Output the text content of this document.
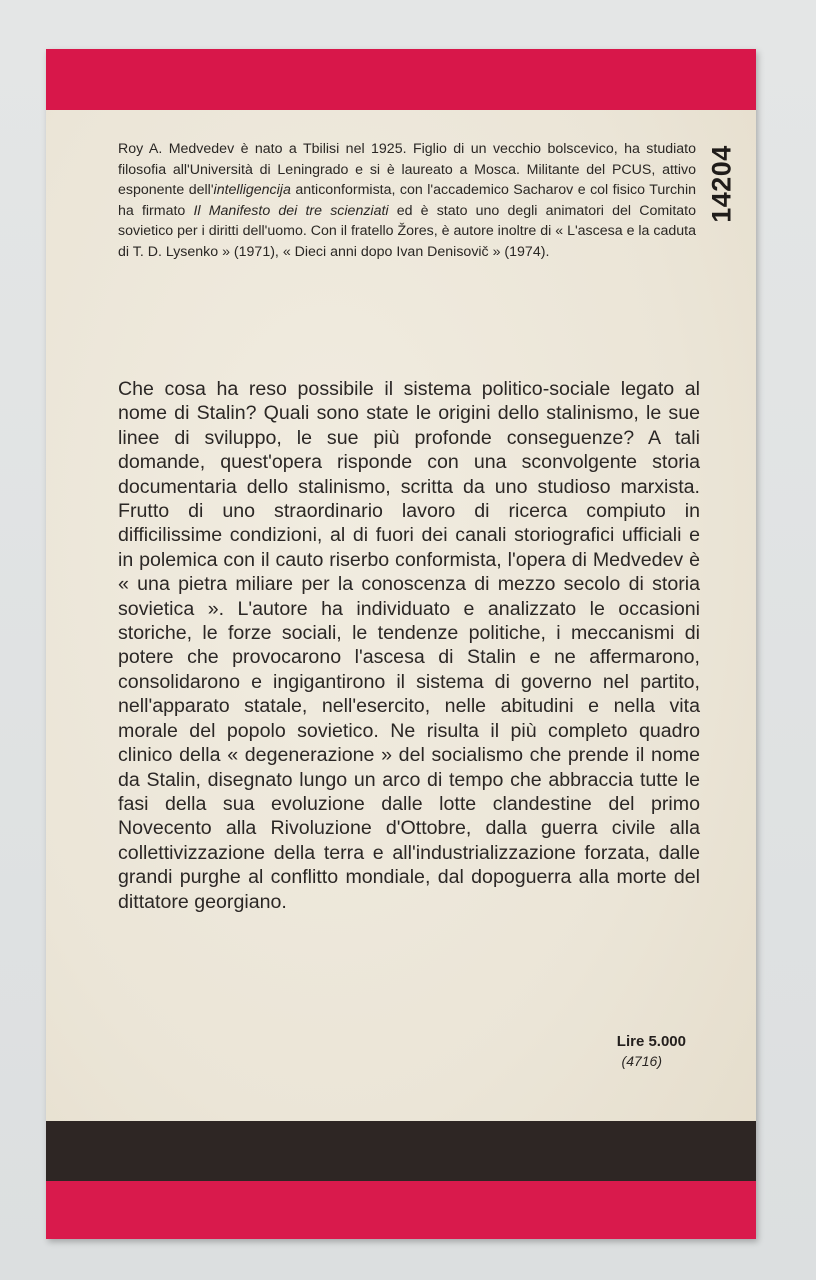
Roy A. Medvedev è nato a Tbilisi nel 1925. Figlio di un vecchio bolscevico, ha studiato filosofia all'Università di Leningrado e si è laureato a Mosca. Militante del PCUS, attivo esponente dell'intelligencija anticonformista, con l'accademico Sacharov e col fisico Turchin ha firmato Il Manifesto dei tre scienziati ed è stato uno degli animatori del Comitato sovietico per i diritti dell'uomo. Con il fratello Žores, è autore inoltre di « L'ascesa e la caduta di T. D. Lysenko » (1971), « Dieci anni dopo Ivan Denisovič » (1974).

14204

Che cosa ha reso possibile il sistema politico-sociale legato al nome di Stalin? Quali sono state le origini dello stalinismo, le sue linee di sviluppo, le sue più profonde conseguenze? A tali domande, quest'opera risponde con una sconvolgente storia documentaria dello stalinismo, scritta da uno studioso marxista. Frutto di uno straordinario lavoro di ricerca compiuto in difficilissime condizioni, al di fuori dei canali storiografici ufficiali e in polemica con il cauto riserbo conformista, l'opera di Medvedev è « una pietra miliare per la conoscenza di mezzo secolo di storia sovietica ». L'autore ha individuato e analizzato le occasioni storiche, le forze sociali, le tendenze politiche, i meccanismi di potere che provocarono l'ascesa di Stalin e ne affermarono, consolidarono e ingigantirono il sistema di governo nel partito, nell'apparato statale, nell'esercito, nelle abitudini e nella vita morale del popolo sovietico. Ne risulta il più completo quadro clinico della « degenerazione » del socialismo che prende il nome da Stalin, disegnato lungo un arco di tempo che abbraccia tutte le fasi della sua evoluzione dalle lotte clandestine del primo Novecento alla Rivoluzione d'Ottobre, dalla guerra civile alla collettivizzazione della terra e all'industrializzazione forzata, dalle grandi purghe al conflitto mondiale, dal dopoguerra alla morte del dittatore georgiano.

Lire 5.000
(4716)
